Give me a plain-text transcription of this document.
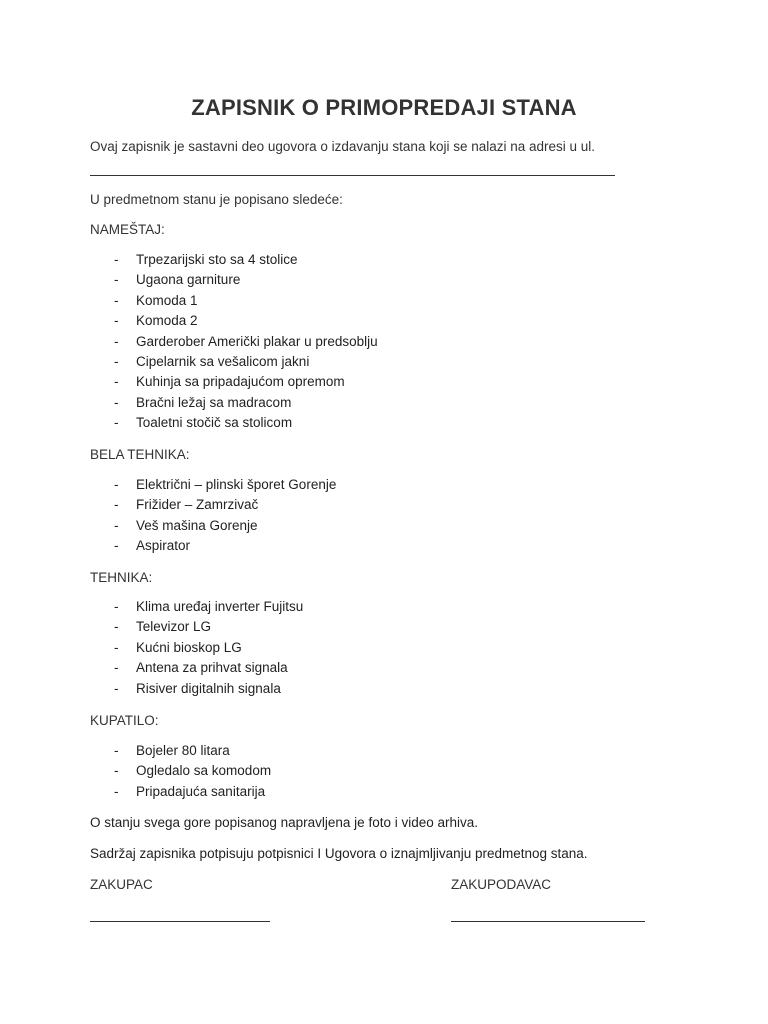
ZAPISNIK O PRIMOPREDAJI STANA
Ovaj zapisnik je sastavni deo ugovora o izdavanju stana koji se nalazi na adresi u ul.
U predmetnom stanu je popisano sledeće:
NAMEŠTAJ:
- Trpezarijski sto sa 4 stolice
- Ugaona garniture
- Komoda 1
- Komoda 2
- Garderober Američki plakar u predsoblju
- Cipelarnik sa vešalicom jakni
- Kuhinja sa pripadajućom opremom
- Bračni ležaj sa madracom
- Toaletni stočič sa stolicom
BELA TEHNIKA:
- Električni – plinski šporet Gorenje
- Frižider – Zamrzivač
- Veš mašina Gorenje
- Aspirator
TEHNIKA:
- Klima uređaj inverter Fujitsu
- Televizor LG
- Kućni bioskop LG
- Antena za prihvat signala
- Risiver digitalnih signala
KUPATILO:
- Bojeler 80 litara
- Ogledalo sa komodom
- Pripadajuća sanitarija
O stanju svega gore popisanog napravljena je foto i video arhiva.
Sadržaj zapisnika potpisuju potpisnici I Ugovora o iznajmljivanju predmetnog stana.
ZAKUPAC	ZAKUPODAVAC
